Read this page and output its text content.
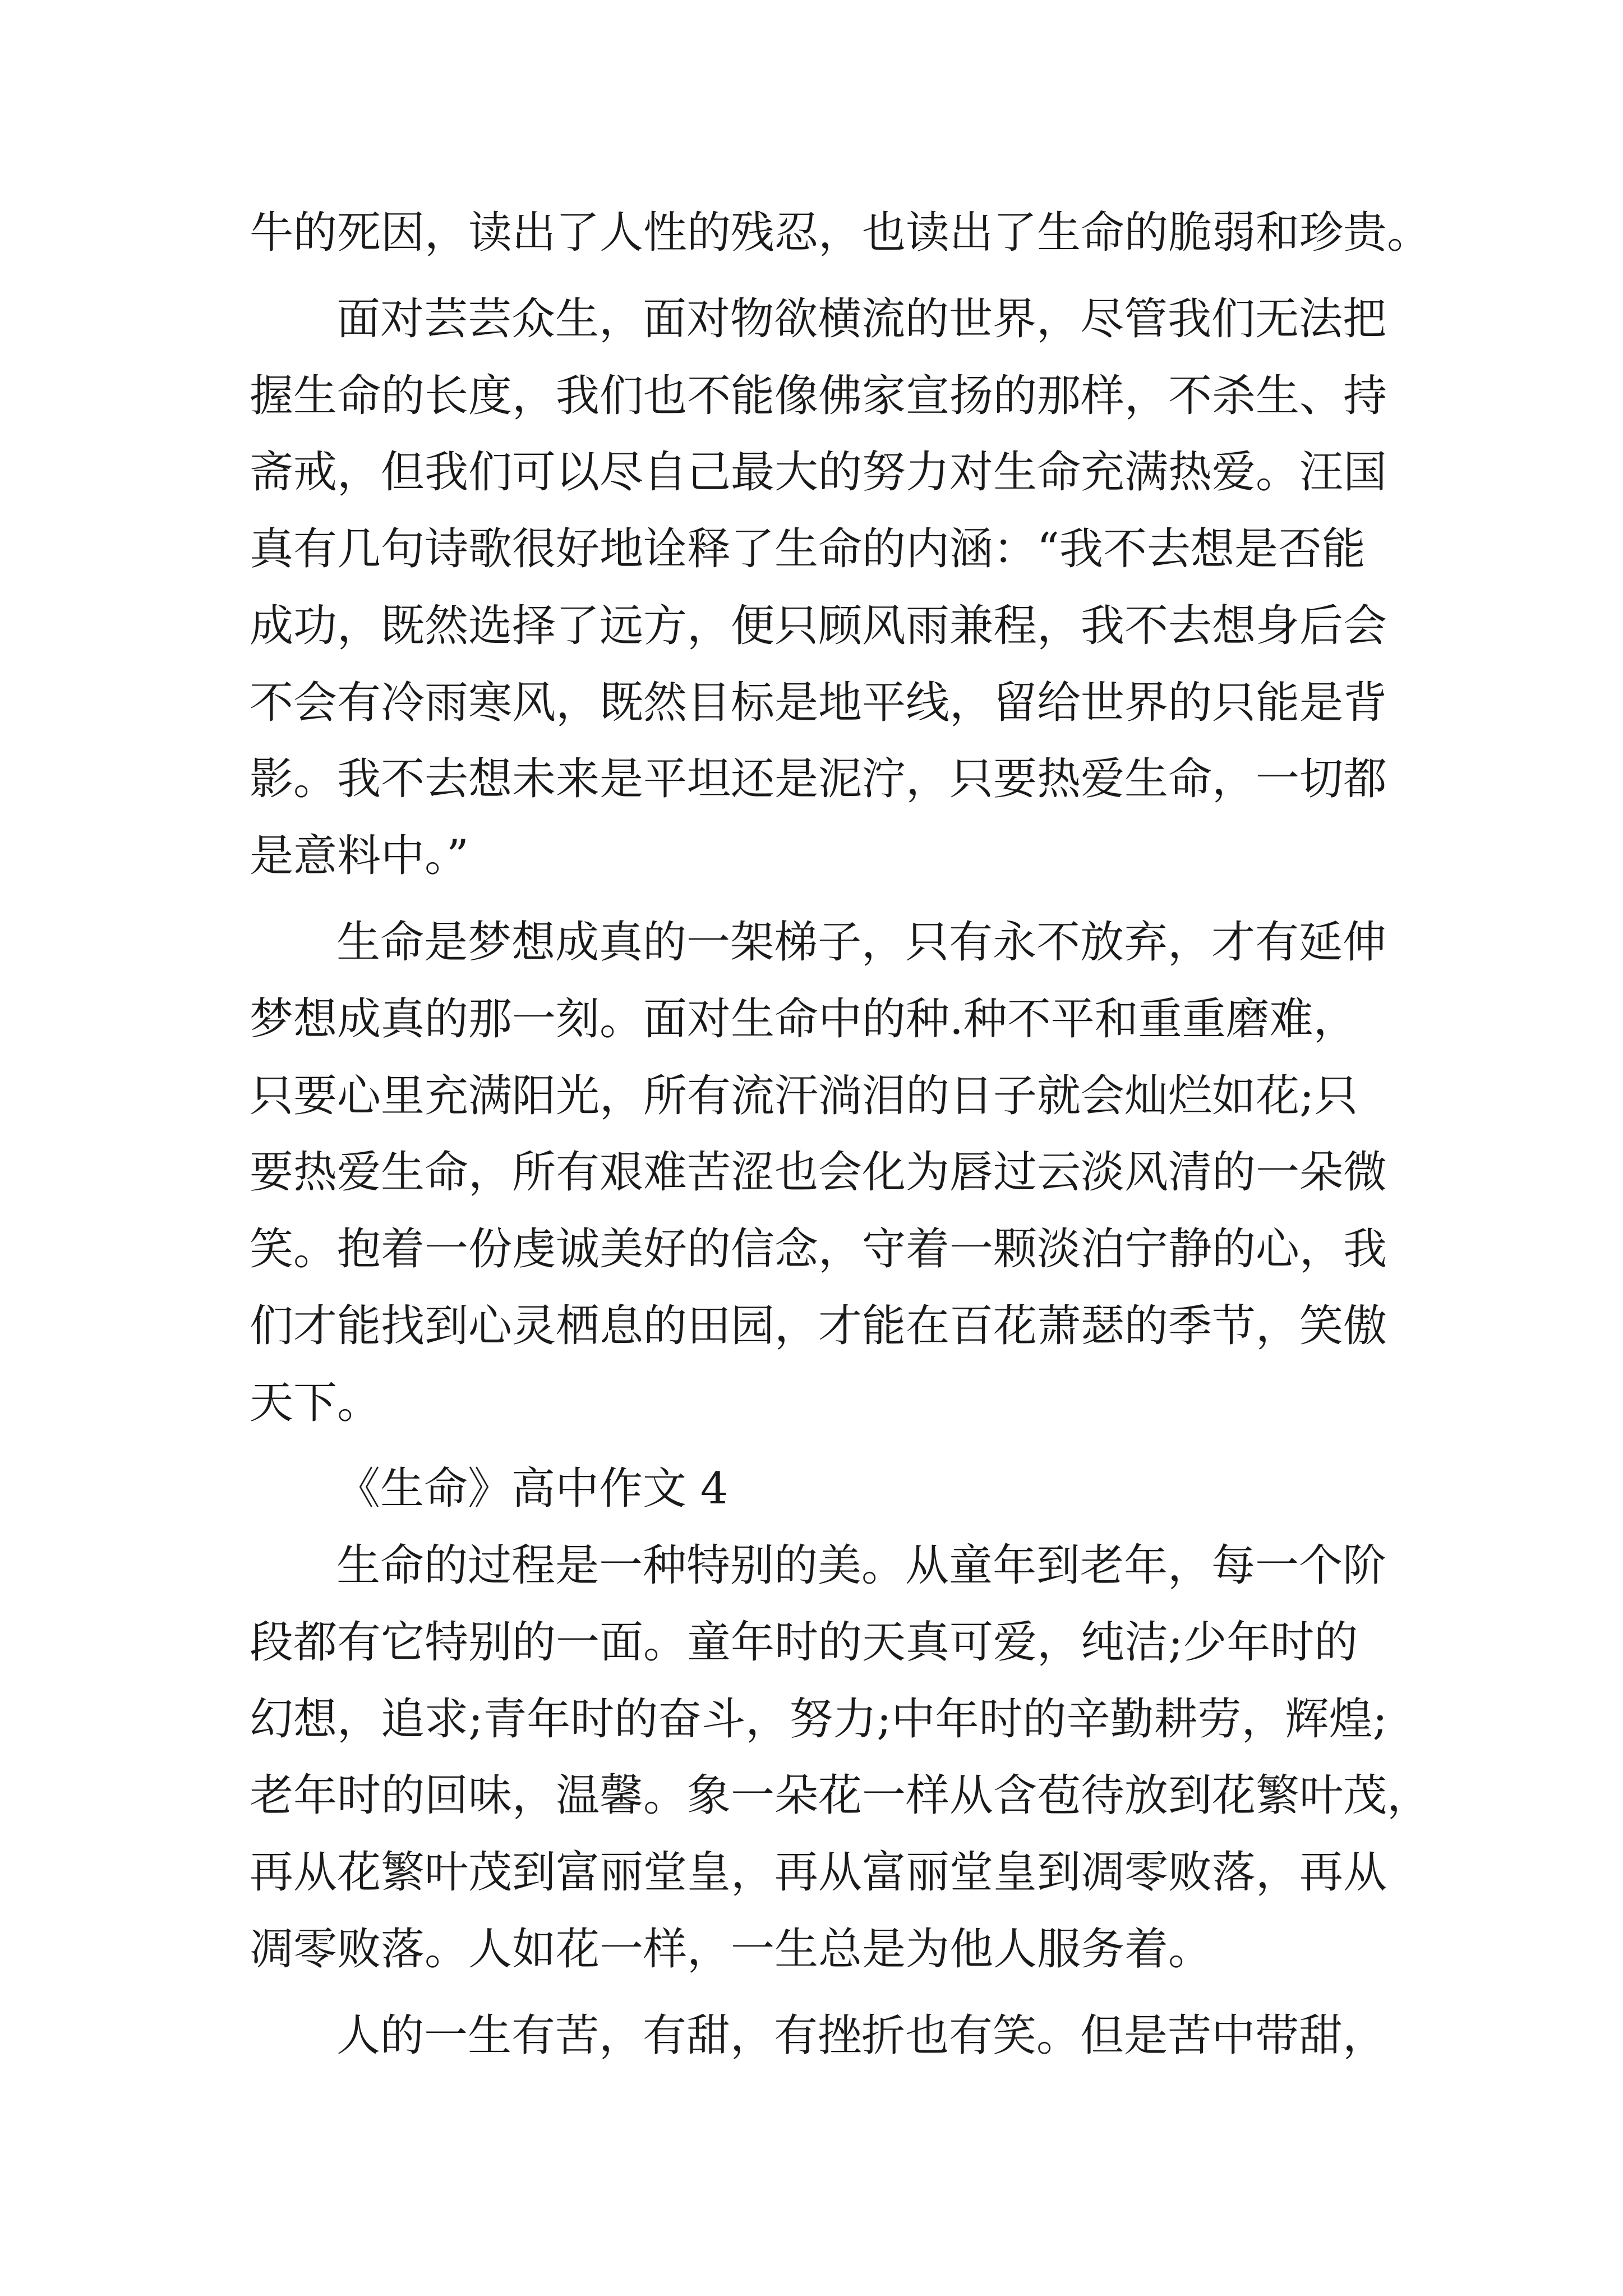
牛的死因，读出了人性的残忍，也读出了生命的脆弱和珍贵。
面对芸芸众生，面对物欲横流的世界，尽管我们无法把
握生命的长度，我们也不能像佛家宣扬的那样，不杀生、持
斋戒，但我们可以尽自己最大的努力对生命充满热爱。汪国
真有几句诗歌很好地诠释了生命的内涵：“我不去想是否能
成功，既然选择了远方，便只顾风雨兼程，我不去想身后会
不会有冷雨寒风，既然目标是地平线，留给世界的只能是背
影。我不去想未来是平坦还是泥泞，只要热爱生命，一切都
是意料中。”
生命是梦想成真的一架梯子，只有永不放弃，才有延伸
梦想成真的那一刻。面对生命中的种.种不平和重重磨难，
只要心里充满阳光，所有流汗淌泪的日子就会灿烂如花;只
要热爱生命，所有艰难苦涩也会化为唇过云淡风清的一朵微
笑。抱着一份虔诚美好的信念，守着一颗淡泊宁静的心，我
们才能找到心灵栖息的田园，才能在百花萧瑟的季节，笑傲
天下。
《生命》高中作文 4
生命的过程是一种特别的美。从童年到老年，每一个阶
段都有它特别的一面。童年时的天真可爱，纯洁;少年时的
幻想，追求;青年时的奋斗，努力;中年时的辛勤耕劳，辉煌;
老年时的回味，温馨。象一朵花一样从含苞待放到花繁叶茂，
再从花繁叶茂到富丽堂皇，再从富丽堂皇到凋零败落，再从
凋零败落。人如花一样，一生总是为他人服务着。
人的一生有苦，有甜，有挫折也有笑。但是苦中带甜，
